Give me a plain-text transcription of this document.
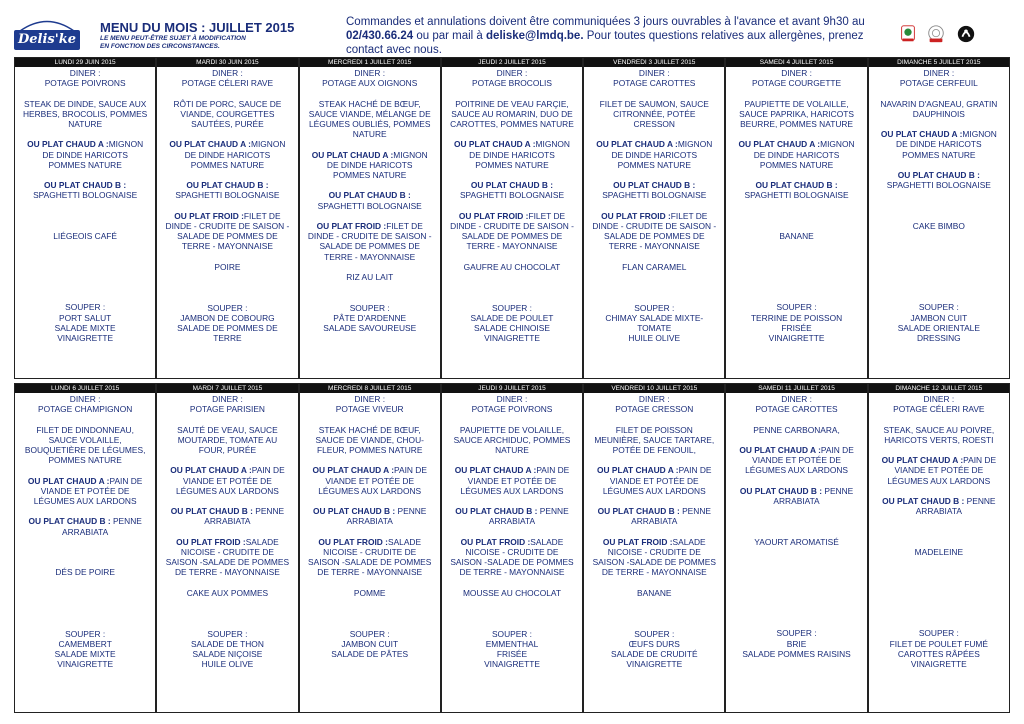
Delis'ke
MENU DU MOIS : JUILLET 2015
LE MENU PEUT-ÊTRE SUJET À MODIFICATION
EN FONCTION DES CIRCONSTANCES.
Commandes et annulations doivent être communiquées 3 jours ouvrables à l'avance et avant 9h30 au 02/430.66.24 ou par mail à deliske@lmdq.be. Pour toutes questions relatives aux allergènes, prenez contact avec nous.
LUNDI 29 JUIN 2015
DINER :
POTAGE POIVRONS
STEAK DE DINDE, SAUCE AUX
HERBES, BROCOLIS, POMMES
NATURE
OU PLAT CHAUD A :MIGNON
DE DINDE HARICOTS
POMMES NATURE
OU PLAT CHAUD B :
SPAGHETTI BOLOGNAISE
LIÉGEOIS CAFÉ
SOUPER :
PORT SALUT
SALADE MIXTE
VINAIGRETTE
MARDI 30 JUIN 2015
DINER :
POTAGE CÉLERI RAVE
RÔTI DE PORC, SAUCE DE
VIANDE, COURGETTES
SAUTÉES, PURÉE
OU PLAT CHAUD A :MIGNON
DE DINDE HARICOTS
POMMES NATURE
OU PLAT CHAUD B :
SPAGHETTI BOLOGNAISE
OU PLAT FROID :FILET DE
DINDE - CRUDITE DE SAISON -
SALADE DE POMMES DE
TERRE - MAYONNAISE
POIRE
SOUPER :
JAMBON DE COBOURG
SALADE DE POMMES DE
TERRE
MERCREDI 1 JUILLET 2015
DINER :
POTAGE AUX OIGNONS
STEAK HACHÉ DE BŒUF,
SAUCE VIANDE, MÉLANGE DE
LÉGUMES OUBLIÉS, POMMES
NATURE
OU PLAT CHAUD A :MIGNON
DE DINDE HARICOTS
POMMES NATURE
OU PLAT CHAUD B :
SPAGHETTI BOLOGNAISE
OU PLAT FROID :FILET DE
DINDE - CRUDITE DE SAISON -
SALADE DE POMMES DE
TERRE - MAYONNAISE
RIZ AU LAIT
SOUPER :
PÂTE D'ARDENNE
SALADE SAVOUREUSE
JEUDI 2 JUILLET 2015
DINER :
POTAGE BROCOLIS
POITRINE DE VEAU FARÇIE,
SAUCE AU ROMARIN, DUO DE
CAROTTES, POMMES NATURE
OU PLAT CHAUD A :MIGNON
DE DINDE HARICOTS
POMMES NATURE
OU PLAT CHAUD B :
SPAGHETTI BOLOGNAISE
OU PLAT FROID :FILET DE
DINDE - CRUDITE DE SAISON -
SALADE DE POMMES DE
TERRE - MAYONNAISE
GAUFRE AU CHOCOLAT
SOUPER :
SALADE DE POULET
SALADE CHINOISE
VINAIGRETTE
VENDREDI 3 JUILLET 2015
DINER :
POTAGE CAROTTES
FILET DE SAUMON, SAUCE
CITRONNÉE, POTÉE
CRESSON
OU PLAT CHAUD A :MIGNON
DE DINDE HARICOTS
POMMES NATURE
OU PLAT CHAUD B :
SPAGHETTI BOLOGNAISE
OU PLAT FROID :FILET DE
DINDE - CRUDITE DE SAISON -
SALADE DE POMMES DE
TERRE - MAYONNAISE
FLAN CARAMEL
SOUPER :
CHIMAY SALADE MIXTE-
TOMATE
HUILE OLIVE
SAMEDI 4 JUILLET 2015
DINER :
POTAGE COURGETTE
PAUPIETTE DE VOLAILLE,
SAUCE PAPRIKA, HARICOTS
BEURRE, POMMES NATURE
OU PLAT CHAUD A :MIGNON
DE DINDE HARICOTS
POMMES NATURE
OU PLAT CHAUD B :
SPAGHETTI BOLOGNAISE
BANANE
SOUPER :
TERRINE DE POISSON
FRISÉE
VINAIGRETTE
DIMANCHE 5 JUILLET 2015
DINER :
POTAGE CERFEUIL
NAVARIN D'AGNEAU, GRATIN
DAUPHINOIS
OU PLAT CHAUD A :MIGNON
DE DINDE HARICOTS
POMMES NATURE
OU PLAT CHAUD B :
SPAGHETTI BOLOGNAISE
CAKE BIMBO
SOUPER :
JAMBON CUIT
SALADE ORIENTALE
DRESSING
LUNDI 6 JUILLET 2015
DINER :
POTAGE CHAMPIGNON
FILET DE DINDONNEAU,
SAUCE VOLAILLE,
BOUQUETIÈRE DE LÉGUMES,
POMMES NATURE
OU PLAT CHAUD A :PAIN DE
VIANDE ET POTÉE DE
LÉGUMES AUX LARDONS
OU PLAT CHAUD B : PENNE
ARRABIATA
DÉS DE POIRE
SOUPER :
CAMEMBERT
SALADE MIXTE
VINAIGRETTE
MARDI 7 JUILLET 2015
DINER :
POTAGE PARISIEN
SAUTÉ DE VEAU, SAUCE
MOUTARDE, TOMATE AU
FOUR, PURÉE
OU PLAT CHAUD A :PAIN DE
VIANDE ET POTÉE DE
LÉGUMES AUX LARDONS
OU PLAT CHAUD B : PENNE
ARRABIATA
OU PLAT FROID :SALADE
NICOISE - CRUDITE DE
SAISON -SALADE DE POMMES
DE TERRE - MAYONNAISE
CAKE AUX POMMES
SOUPER :
SALADE DE THON
SALADE NIÇOISE
HUILE OLIVE
MERCREDI 8 JUILLET 2015
DINER :
POTAGE VIVEUR
STEAK HACHÉ DE BŒUF,
SAUCE DE VIANDE, CHOU-
FLEUR, POMMES NATURE
OU PLAT CHAUD A :PAIN DE
VIANDE ET POTÉE DE
LÉGUMES AUX LARDONS
OU PLAT CHAUD B : PENNE
ARRABIATA
OU PLAT FROID :SALADE
NICOISE - CRUDITE DE
SAISON -SALADE DE POMMES
DE TERRE - MAYONNAISE
POMME
SOUPER :
JAMBON CUIT
SALADE DE PÂTES
JEUDI 9 JUILLET 2015
DINER :
POTAGE POIVRONS
PAUPIETTE DE VOLAILLE,
SAUCE ARCHIDUC, POMMES
NATURE
OU PLAT CHAUD A :PAIN DE
VIANDE ET POTÉE DE
LÉGUMES AUX LARDONS
OU PLAT CHAUD B : PENNE
ARRABIATA
OU PLAT FROID :SALADE
NICOISE - CRUDITE DE
SAISON -SALADE DE POMMES
DE TERRE - MAYONNAISE
MOUSSE AU CHOCOLAT
SOUPER :
EMMENTHAL
FRISÉE
VINAIGRETTE
VENDREDI 10 JUILLET 2015
DINER :
POTAGE CRESSON
FILET DE POISSON
MEUNIÈRE, SAUCE TARTARE,
POTÉE DE FENOUIL,
OU PLAT CHAUD A :PAIN DE
VIANDE ET POTÉE DE
LÉGUMES AUX LARDONS
OU PLAT CHAUD B : PENNE
ARRABIATA
OU PLAT FROID :SALADE
NICOISE - CRUDITE DE
SAISON -SALADE DE POMMES
DE TERRE - MAYONNAISE
BANANE
SOUPER :
ŒUFS DURS
SALADE DE CRUDITÉ
VINAIGRETTE
SAMEDI 11 JUILLET 2015
DINER :
POTAGE CAROTTES
PENNE CARBONARA,
OU PLAT CHAUD A :PAIN DE
VIANDE ET POTÉE DE
LÉGUMES AUX LARDONS
OU PLAT CHAUD B : PENNE
ARRABIATA
YAOURT AROMATISÉ
SOUPER :
BRIE
SALADE POMMES RAISINS
DIMANCHE 12 JUILLET 2015
DINER :
POTAGE CÉLERI RAVE
STEAK, SAUCE AU POIVRE,
HARICOTS VERTS, ROESTI
OU PLAT CHAUD A :PAIN DE
VIANDE ET POTÉE DE
LÉGUMES AUX LARDONS
OU PLAT CHAUD B : PENNE
ARRABIATA
MADELEINE
SOUPER :
FILET DE POULET FUMÉ
CAROTTES RÂPÉES
VINAIGRETTE
